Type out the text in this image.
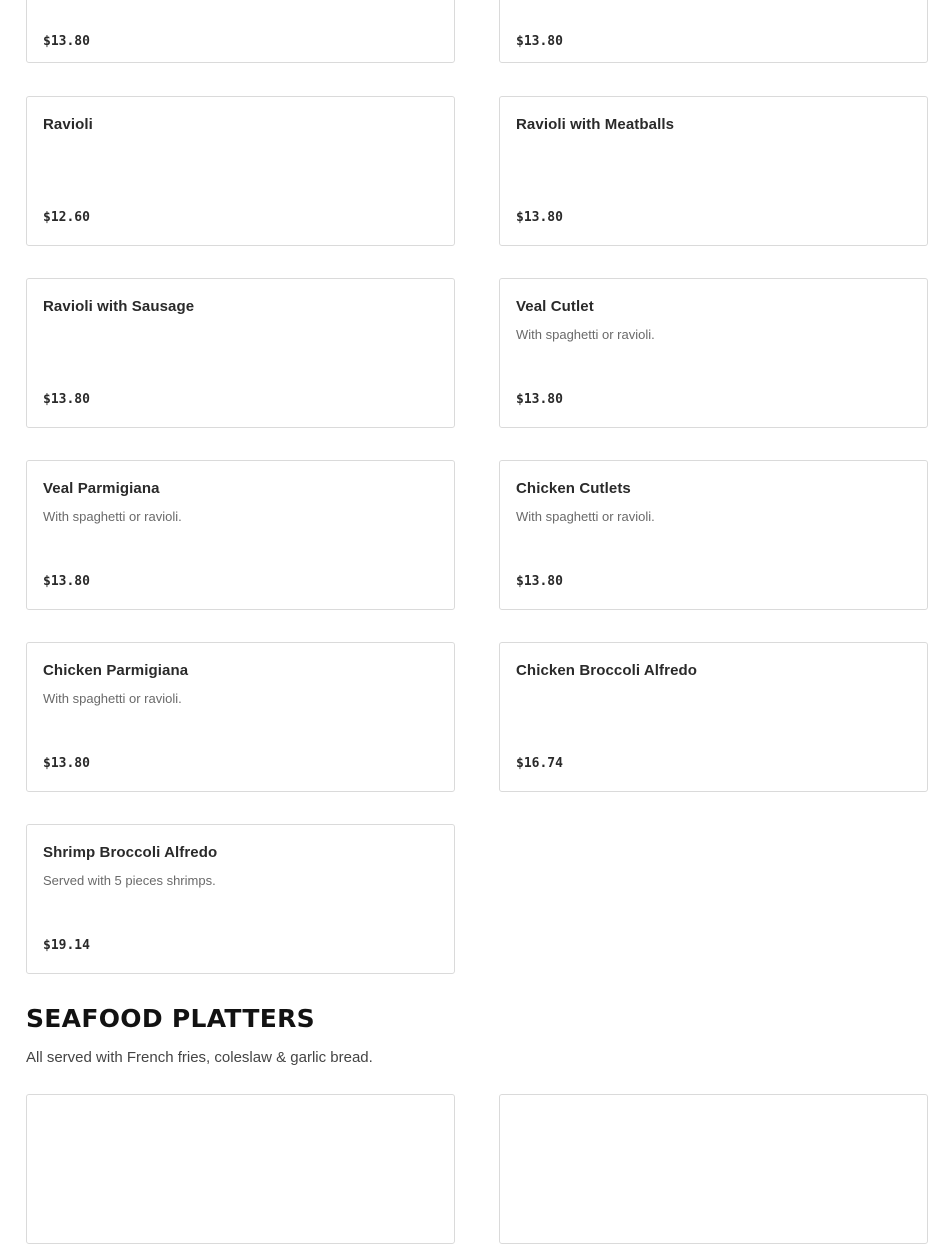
$13.80	$13.80
Ravioli
$12.60
Ravioli with Meatballs
$13.80
Ravioli with Sausage
$13.80
Veal Cutlet
With spaghetti or ravioli.
$13.80
Veal Parmigiana
With spaghetti or ravioli.
$13.80
Chicken Cutlets
With spaghetti or ravioli.
$13.80
Chicken Parmigiana
With spaghetti or ravioli.
$13.80
Chicken Broccoli Alfredo
$16.74
Shrimp Broccoli Alfredo
Served with 5 pieces shrimps.
$19.14
SEAFOOD PLATTERS
All served with French fries, coleslaw & garlic bread.
